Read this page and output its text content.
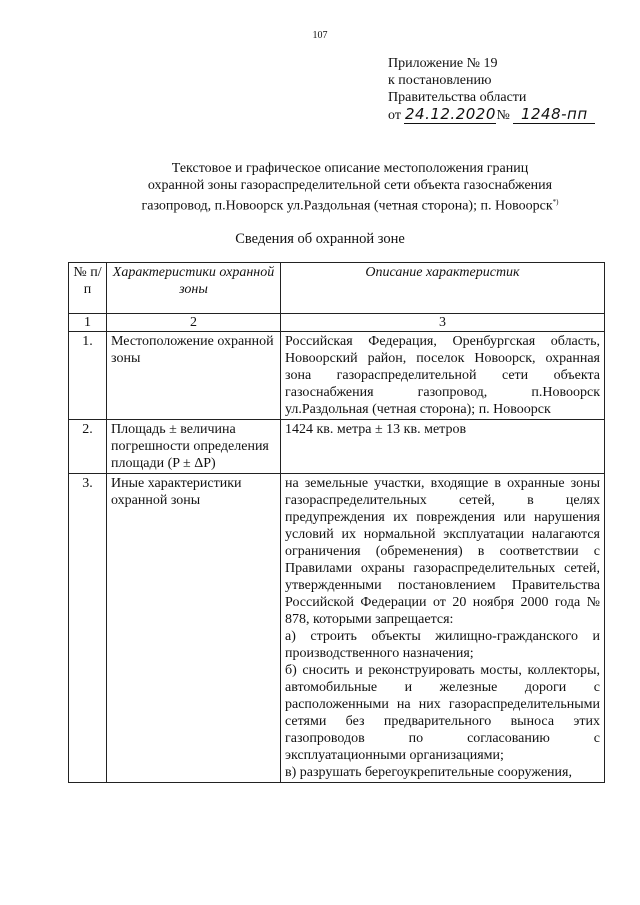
107
Приложение № 19
к постановлению
Правительства области
от 24.12.2020№ 1248-пп
Текстовое и графическое описание местоположения границ
охранной зоны газораспределительной сети объекта газоснабжения
газопровод, п.Новоорск ул.Раздольная (четная сторона); п. Новоорск*)
Сведения об охранной зоне
№ п/п	Характеристики охранной зоны	Описание характеристик
1	2	3
1.	Местоположение охранной зоны	Российская Федерация, Оренбургская область, Новоорский район, поселок Новоорск, охранная зона газораспределительной сети объекта газоснабжения газопровод, п.Новоорск ул.Раздольная (четная сторона); п. Новоорск

2.	Площадь ± величина погрешности определения площади (P ± ΔP)	1424 кв. метра ± 13 кв. метров

3.	Иные характеристики охранной зоны	на земельные участки, входящие в охранные зоны газораспределительных сетей, в целях предупреждения их повреждения или нарушения условий их нормальной эксплуатации налагаются ограничения (обременения) в соответствии с Правилами охраны газораспределительных сетей, утвержденными постановлением Правительства Российской Федерации от 20 ноября 2000 года № 878, которыми запрещается:
а) строить объекты жилищно-гражданского и производственного назначения;
б) сносить и реконструировать мосты, коллекторы, автомобильные и железные дороги с расположенными на них газораспределительными сетями без предварительного выноса этих газопроводов по согласованию с эксплуатационными организациями;
в) разрушать берегоукрепительные сооружения,
